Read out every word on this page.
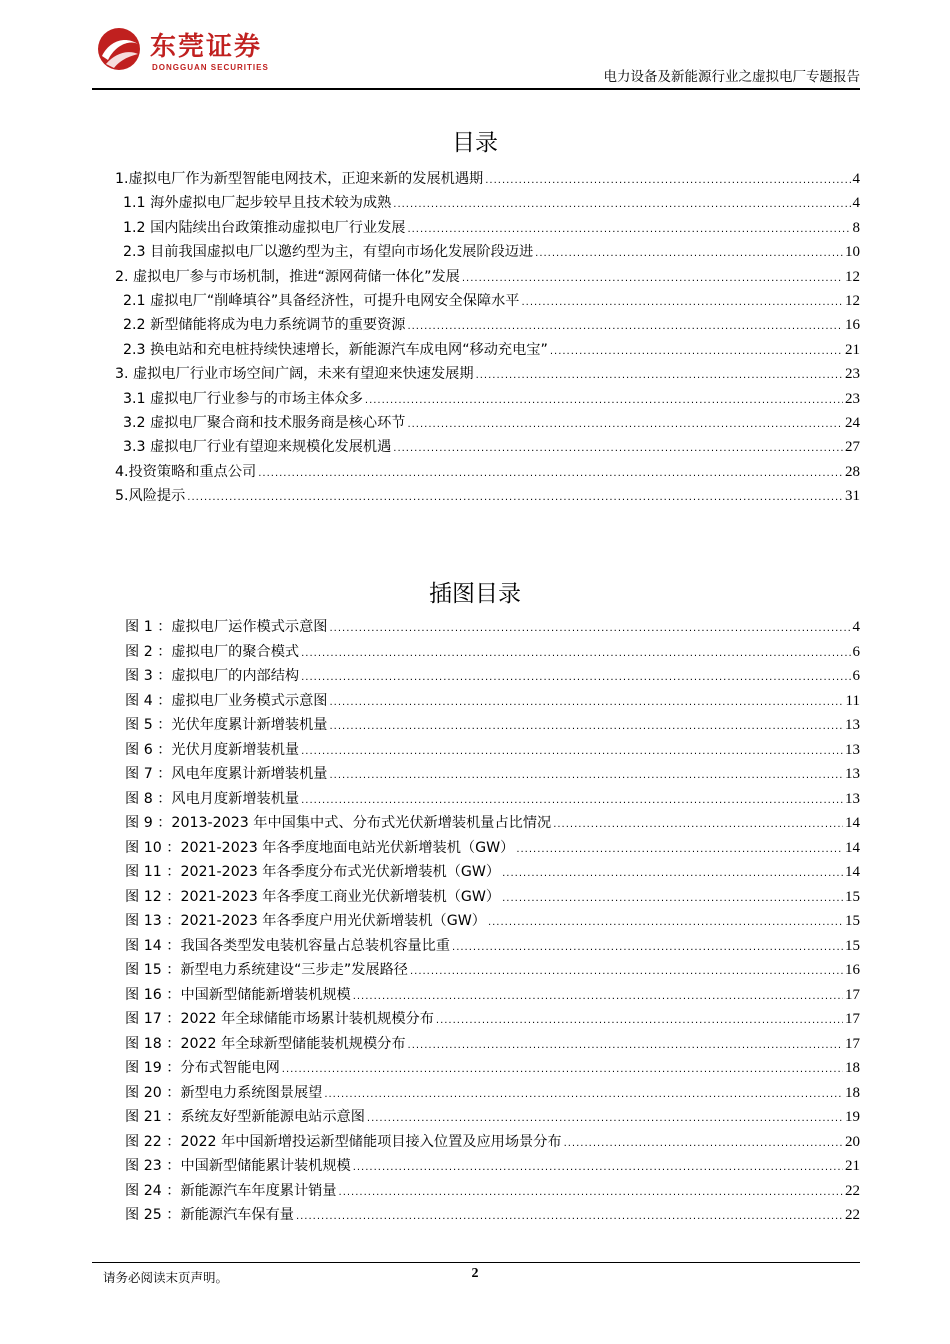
东莞证券
DONGGUAN SECURITIES
电力设备及新能源行业之虚拟电厂专题报告
目录
1.虚拟电厂作为新型智能电网技术，正迎来新的发展机遇期 .....	4
1.1 海外虚拟电厂起步较早且技术较为成熟 .....	4
1.2 国内陆续出台政策推动虚拟电厂行业发展 .....	8
2.3 目前我国虚拟电厂以邀约型为主，有望向市场化发展阶段迈进 .....	10
2. 虚拟电厂参与市场机制，推进“源网荷储一体化”发展 .....	12
2.1 虚拟电厂“削峰填谷”具备经济性，可提升电网安全保障水平 .....	12
2.2 新型储能将成为电力系统调节的重要资源 .....	16
2.3 换电站和充电桩持续快速增长，新能源汽车成电网“移动充电宝” .....	21
3. 虚拟电厂行业市场空间广阔，未来有望迎来快速发展期 .....	23
3.1 虚拟电厂行业参与的市场主体众多 .....	23
3.2 虚拟电厂聚合商和技术服务商是核心环节 .....	24
3.3 虚拟电厂行业有望迎来规模化发展机遇 .....	27
4.投资策略和重点公司 .....	28
5.风险提示 .....	31
插图目录
图 1 ：虚拟电厂运作模式示意图 .....	4
图 2 ：虚拟电厂的聚合模式 .....	6
图 3 ：虚拟电厂的内部结构 .....	6
图 4 ：虚拟电厂业务模式示意图 .....	11
图 5 ：光伏年度累计新增装机量 .....	13
图 6 ：光伏月度新增装机量 .....	13
图 7 ：风电年度累计新增装机量 .....	13
图 8 ：风电月度新增装机量 .....	13
图 9 ：2013-2023 年中国集中式、分布式光伏新增装机量占比情况 .....	14
图 10 ：2021-2023 年各季度地面电站光伏新增装机（GW） .....	14
图 11 ：2021-2023 年各季度分布式光伏新增装机（GW） .....	14
图 12 ：2021-2023 年各季度工商业光伏新增装机（GW） .....	15
图 13 ：2021-2023 年各季度户用光伏新增装机（GW） .....	15
图 14 ：我国各类型发电装机容量占总装机容量比重 .....	15
图 15 ：新型电力系统建设“三步走”发展路径 .....	16
图 16 ：中国新型储能新增装机规模 .....	17
图 17 ：2022 年全球储能市场累计装机规模分布 .....	17
图 18 ：2022 年全球新型储能装机规模分布 .....	17
图 19 ：分布式智能电网 .....	18
图 20 ：新型电力系统图景展望 .....	18
图 21 ：系统友好型新能源电站示意图 .....	19
图 22 ：2022 年中国新增投运新型储能项目接入位置及应用场景分布 .....	20
图 23 ：中国新型储能累计装机规模 .....	21
图 24 ：新能源汽车年度累计销量 .....	22
图 25 ：新能源汽车保有量 .....	22
请务必阅读末页声明。	2
